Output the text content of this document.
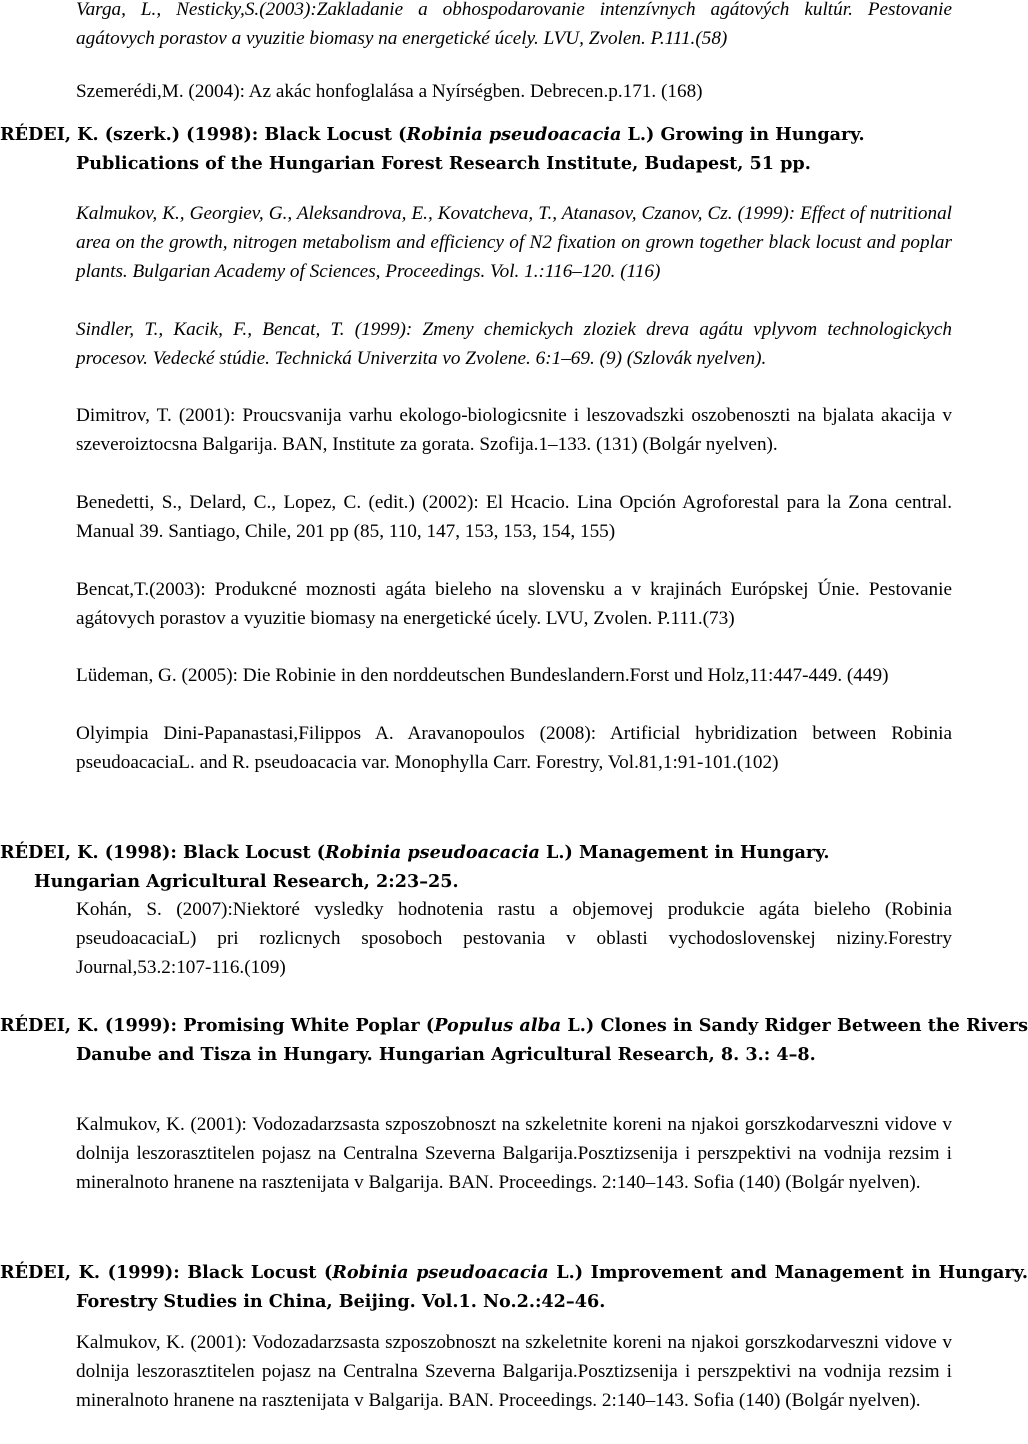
Varga, L., Nesticky,S.(2003):Zakladanie a obhospodarovanie intenzívnych agátových kultúr. Pestovanie agátovych porastov a vyuzitie biomasy na energetické úcely. LVU, Zvolen. P.111.(58)

Szemerédi,M. (2004): Az akác honfoglalása a Nyírségben. Debrecen.p.171. (168)

RÉDEI, K. (szerk.) (1998): Black Locust (Robinia pseudoacacia L.) Growing in Hungary.
Publications of the Hungarian Forest Research Institute, Budapest, 51 pp.

Kalmukov, K., Georgiev, G., Aleksandrova, E., Kovatcheva, T., Atanasov, Czanov, Cz. (1999): Effect of nutritional area on the growth, nitrogen metabolism and efficiency of N2 fixation on grown together black locust and poplar plants. Bulgarian Academy of Sciences, Proceedings. Vol. 1.:116–120. (116)

Sindler, T., Kacik, F., Bencat, T. (1999): Zmeny chemickych zloziek dreva agátu vplyvom technologickych procesov. Vedecké stúdie. Technická Univerzita vo Zvolene. 6:1–69. (9) (Szlovák nyelven).

Dimitrov, T. (2001): Proucsvanija varhu ekologo-biologicsnite i leszovadszki oszobenoszti na bjalata akacija v szeveroiztocsna Balgarija. BAN, Institute za gorata. Szofija.1–133. (131) (Bolgár nyelven).

Benedetti, S., Delard, C., Lopez, C. (edit.) (2002): El Hcacio. Lina Opción Agroforestal para la Zona central. Manual 39. Santiago, Chile, 201 pp (85, 110, 147, 153, 153, 154, 155)

Bencat,T.(2003): Produkcné moznosti agáta bieleho na slovensku a v krajinách Európskej Únie. Pestovanie agátovych porastov a vyuzitie biomasy na energetické úcely. LVU, Zvolen. P.111.(73)

Lüdeman, G. (2005): Die Robinie in den norddeutschen Bundeslandern.Forst und Holz,11:447-449. (449)

Olyimpia Dini-Papanastasi,Filippos A. Aravanopoulos (2008): Artificial hybridization between Robinia pseudoacaciaL. and R. pseudoacacia var. Monophylla Carr. Forestry, Vol.81,1:91-101.(102)

RÉDEI, K. (1998): Black Locust (Robinia pseudoacacia L.) Management in Hungary.
Hungarian Agricultural Research, 2:23–25.

Kohán, S. (2007):Niektoré vysledky hodnotenia rastu a objemovej produkcie agáta bieleho (Robinia pseudoacaciaL) pri rozlicnych sposoboch pestovania v oblasti vychodoslovenskej niziny.Forestry Journal,53.2:107-116.(109)

RÉDEI, K. (1999): Promising White Poplar (Populus alba L.) Clones in Sandy Ridger Between the Rivers Danube and Tisza in Hungary. Hungarian Agricultural Research, 8. 3.: 4–8.

Kalmukov, K. (2001): Vodozadarzsasta szposzobnoszt na szkeletnite koreni na njakoi gorszkodarveszni vidove v dolnija leszorasztitelen pojasz na Centralna Szeverna Balgarija.Posztizsenija i perszpektivi na vodnija rezsim i mineralnoto hranene na rasztenijata v Balgarija. BAN. Proceedings. 2:140–143. Sofia (140) (Bolgár nyelven).

RÉDEI, K. (1999): Black Locust (Robinia pseudoacacia L.) Improvement and Management in Hungary. Forestry Studies in China, Beijing. Vol.1. No.2.:42–46.

Kalmukov, K. (2001): Vodozadarzsasta szposzobnoszt na szkeletnite koreni na njakoi gorszkodarveszni vidove v dolnija leszorasztitelen pojasz na Centralna Szeverna Balgarija.Posztizsenija i perszpektivi na vodnija rezsim i mineralnoto hranene na rasztenijata v Balgarija. BAN. Proceedings. 2:140–143. Sofia (140) (Bolgár nyelven).
